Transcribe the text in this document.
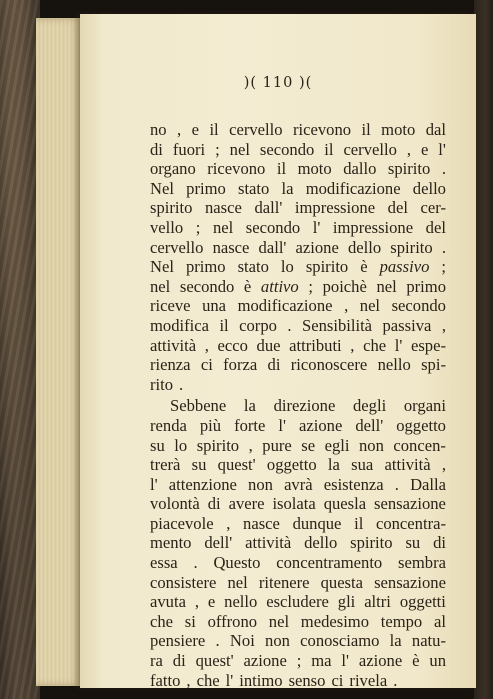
)( 110 )(
no , e il cervello ricevono il moto dal
di fuori ; nel secondo il cervello , e l'
organo ricevono il moto dallo spirito .
Nel primo stato la modificazione dello
spirito nasce dall' impressione del cer-
vello ; nel secondo l' impressione del
cervello nasce dall' azione dello spirito .
Nel primo stato lo spirito è passivo ;
nel secondo è attivo ; poichè nel primo
riceve una modificazione , nel secondo
modifica il corpo . Sensibilità passiva ,
attività , ecco due attributi , che l' espe-
rienza ci forza di riconoscere nello spi-
rito .
Sebbene la direzione degli organi
renda più forte l' azione dell' oggetto
su lo spirito , pure se egli non concen-
trerà su quest' oggetto la sua attività ,
l' attenzione non avrà esistenza . Dalla
volontà di avere isolata quesla sensazione
piacevole , nasce dunque il concentra-
mento dell' attività dello spirito su di
essa . Questo concentramento sembra
consistere nel ritenere questa sensazione
avuta , e nello escludere gli altri oggetti
che si offrono nel medesimo tempo al
pensiere . Noi non conosciamo la natu-
ra di quest' azione ; ma l' azione è un
fatto , che l' intimo senso ci rivela .
